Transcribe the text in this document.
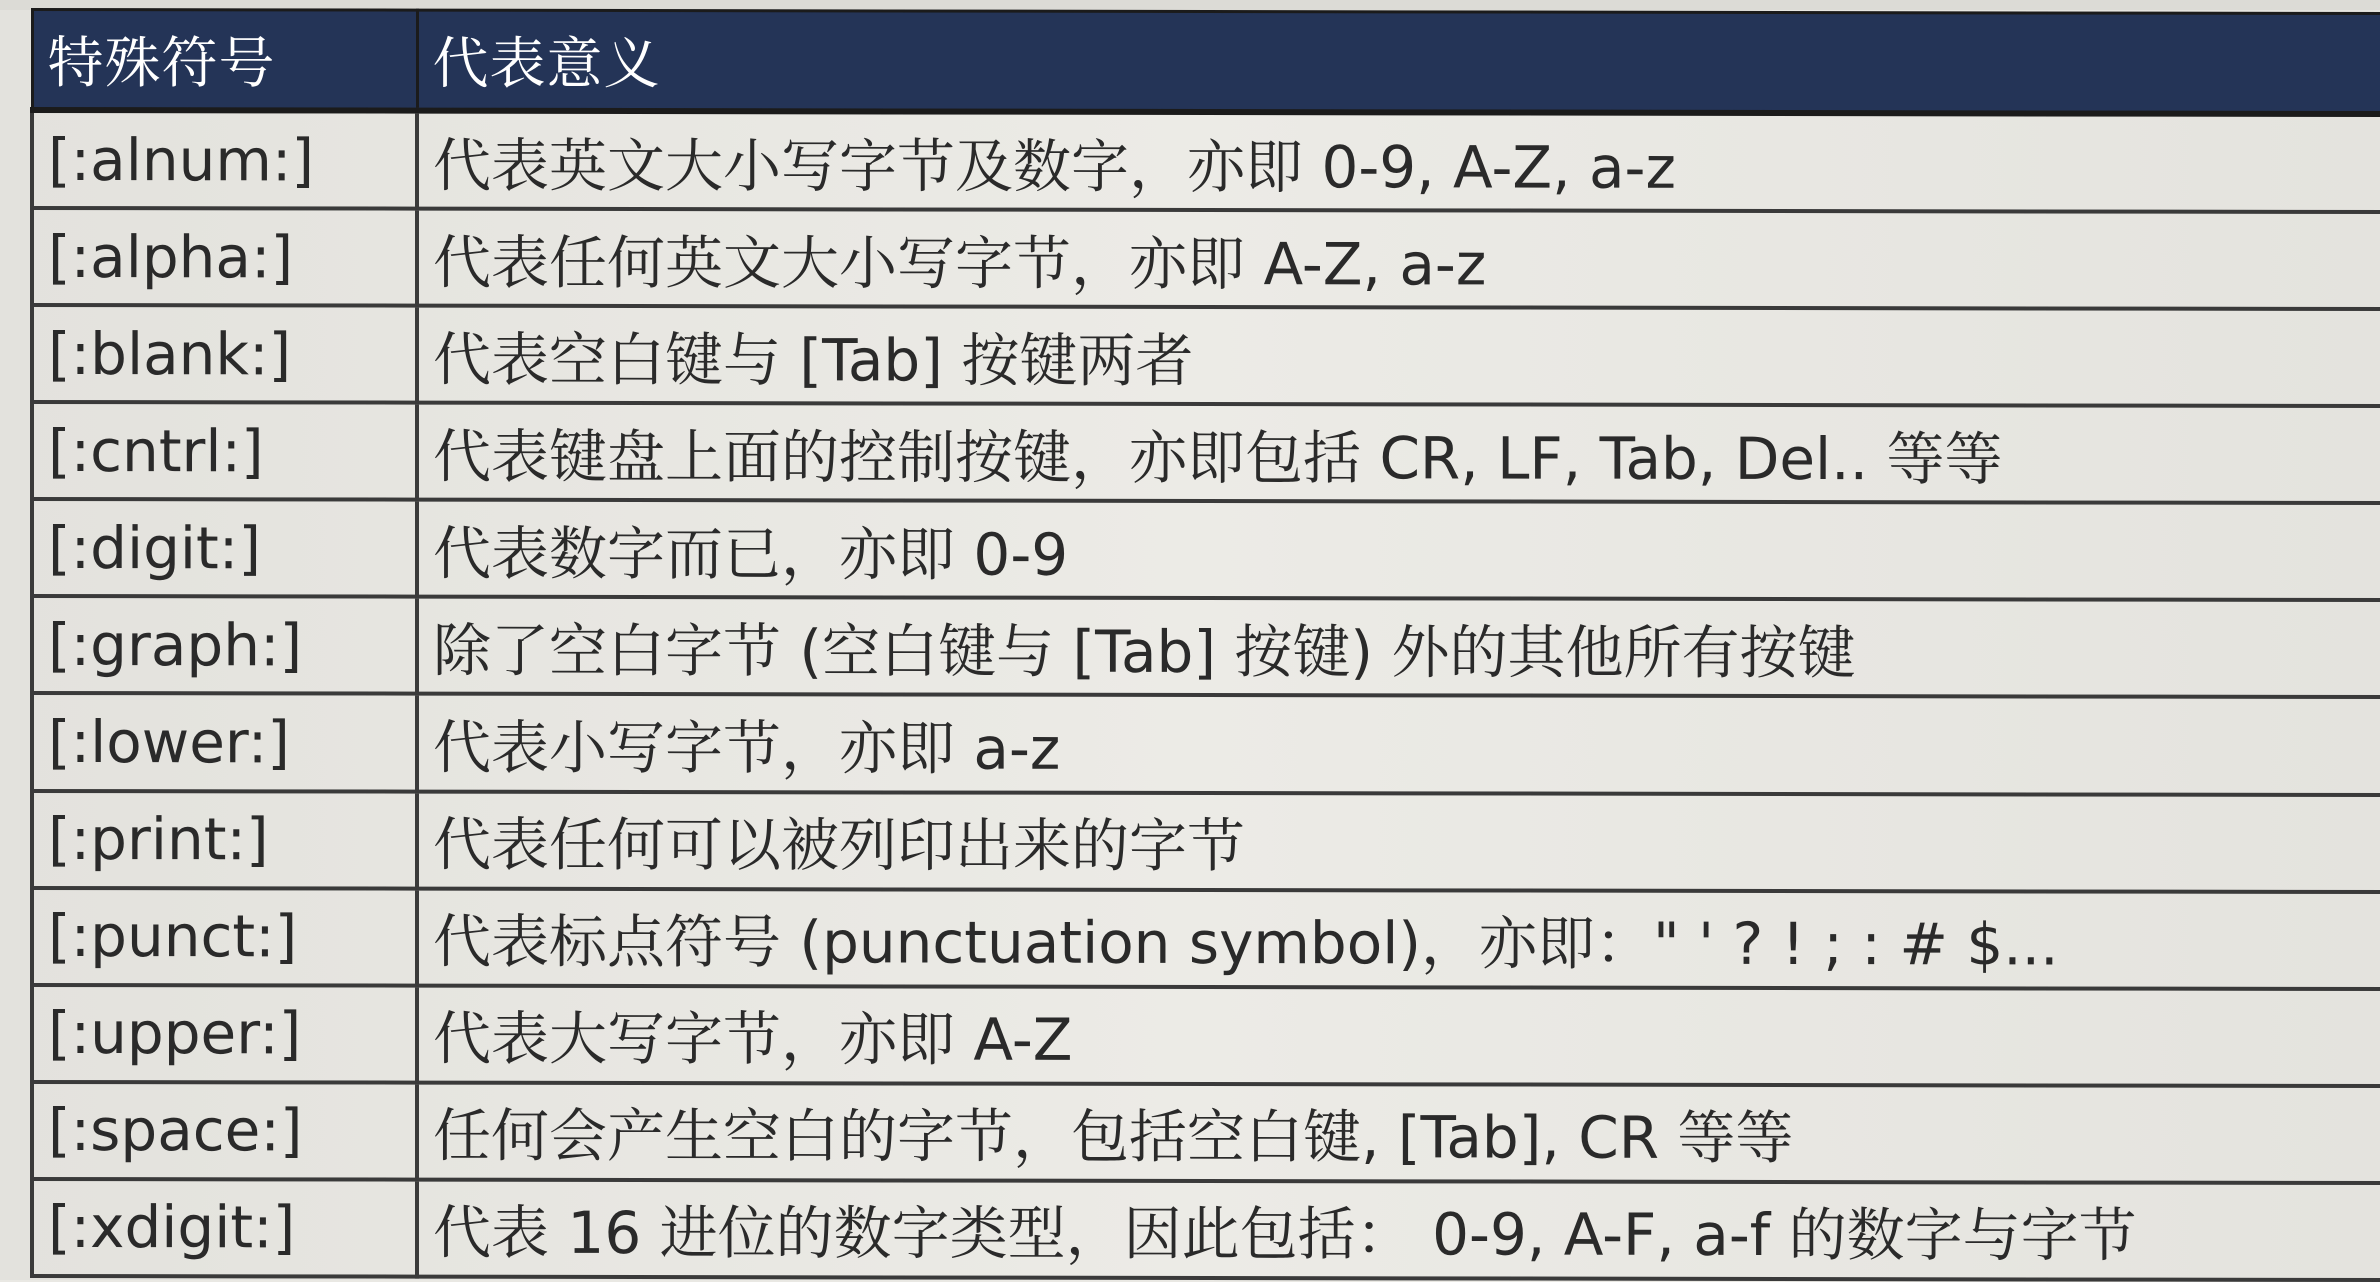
特殊符号	代表意义
[:alnum:]	代表英文大小写字节及数字，亦即 0-9, A-Z, a-z
[:alpha:]	代表任何英文大小写字节，亦即 A-Z, a-z
[:blank:]	代表空白键与 [Tab] 按键两者
[:cntrl:]	代表键盘上面的控制按键，亦即包括 CR, LF, Tab, Del.. 等等
[:digit:]	代表数字而已，亦即 0-9
[:graph:]	除了空白字节 (空白键与 [Tab] 按键) 外的其他所有按键
[:lower:]	代表小写字节，亦即 a-z
[:print:]	代表任何可以被列印出来的字节
[:punct:]	代表标点符号 (punctuation symbol)，亦即：" ' ? ! ; : # $...
[:upper:]	代表大写字节，亦即 A-Z
[:space:]	任何会产生空白的字节，包括空白键, [Tab], CR 等等
[:xdigit:]	代表 16 进位的数字类型，因此包括： 0-9, A-F, a-f 的数字与字节
